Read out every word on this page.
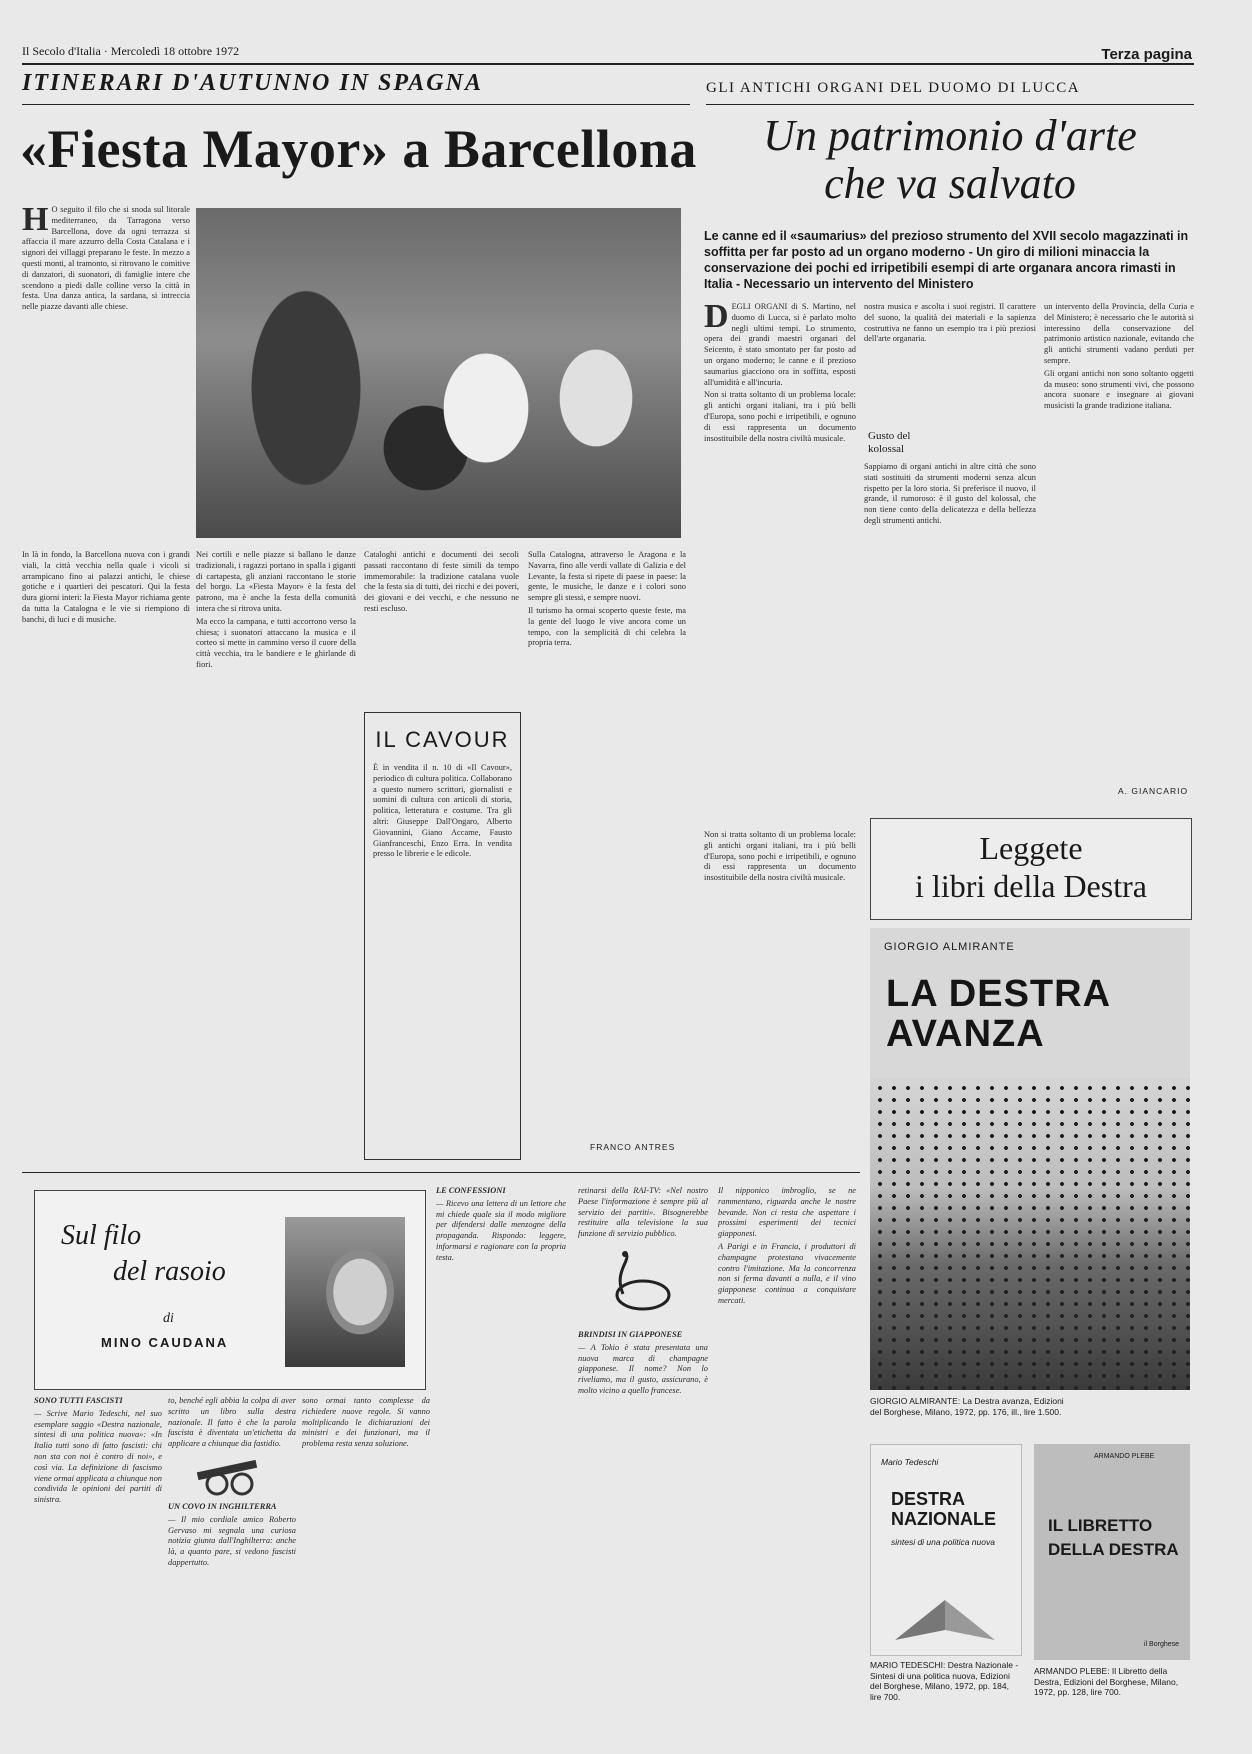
Il Secolo d'Italia · Mercoledì 18 ottobre 1972	Terza pagina
ITINERARI D'AUTUNNO IN SPAGNA
«Fiesta Mayor» a Barcellona
H O seguito il filo che si snoda sul litorale mediterraneo, da Tarragona verso Barcellona, dove da ogni terrazza si affaccia il mare azzurro della Costa Catalana e i signori dei villaggi preparano le feste. In mezzo a questi monti, al tramonto, si ritrovano le comitive di danzatori, di suonatori, di famiglie intere che scendono a piedi dalle colline verso la città in festa. Una danza antica, la sardana, si intreccia nelle piazze davanti alle chiese.

In là in fondo, la Barcellona nuova con i grandi viali, la città vecchia nella quale i vicoli si arrampicano fino ai palazzi antichi, le chiese gotiche e i quartieri dei pescatori. Qui la festa dura giorni interi: la Fiesta Mayor richiama gente da tutta la Catalogna e le vie si riempiono di banchi, di luci e di musiche.

Nei cortili e nelle piazze si ballano le danze tradizionali, i ragazzi portano in spalla i giganti di cartapesta, gli anziani raccontano le storie del borgo. La «Fiesta Mayor» è la festa del patrono, ma è anche la festa della comunità intera che si ritrova unita.

Ma ecco la campana, e tutti accorrono verso la chiesa; i suonatori attaccano la musica e il corteo si mette in cammino verso il cuore della città vecchia, tra le bandiere e le ghirlande di fiori.

Cataloghi antichi e documenti dei secoli passati raccontano di feste simili da tempo immemorabile: la tradizione catalana vuole che la festa sia di tutti, dei ricchi e dei poveri, dei giovani e dei vecchi, e che nessuno ne resti escluso.

IL CAVOUR

È in vendita il n. 10 di «Il Cavour», periodico di cultura politica. Collaborano a questo numero scrittori, giornalisti e uomini di cultura con articoli di storia, politica, letteratura e costume. Tra gli altri: Giuseppe Dall'Ongaro, Alberto Giovannini, Giano Accame, Fausto Gianfranceschi, Enzo Erra. In vendita presso le librerie e le edicole.

Sulla Catalogna, attraverso le Aragona e la Navarra, fino alle verdi vallate di Galizia e del Levante, la festa si ripete di paese in paese: la gente, le musiche, le danze e i colori sono sempre gli stessi, e sempre nuovi.

Il turismo ha ormai scoperto queste feste, ma la gente del luogo le vive ancora come un tempo, con la semplicità di chi celebra la propria terra.

FRANCO ANTRES
GLI ANTICHI ORGANI DEL DUOMO DI LUCCA
Un patrimonio d'arte
che va salvato
Le canne ed il «saumarius» del prezioso strumento del XVII secolo magazzinati in soffitta per far posto ad un organo moderno - Un giro di milioni minaccia la conservazione dei pochi ed irripetibili esempi di arte organara ancora rimasti in Italia - Necessario un intervento del Ministero
D EGLI ORGANI di S. Martino, nel duomo di Lucca, si è parlato molto negli ultimi tempi. Lo strumento, opera dei grandi maestri organari del Seicento, è stato smontato per far posto ad un organo moderno; le canne e il prezioso saumarius giacciono ora in soffitta, esposti all'umidità e all'incuria.

Non si tratta soltanto di un problema locale: gli antichi organi italiani, tra i più belli d'Europa, sono pochi e irripetibili, e ognuno di essi rappresenta un documento insostituibile della nostra civiltà musicale.

nostra musica e ascolta i suoi registri. Il carattere del suono, la qualità dei materiali e la sapienza costruttiva ne fanno un esempio tra i più preziosi dell'arte organaria.

Gusto del kolossal

Sappiamo di organi antichi in altre città che sono stati sostituiti da strumenti moderni senza alcun rispetto per la loro storia. Si preferisce il nuovo, il grande, il rumoroso: è il gusto del kolossal, che non tiene conto della delicatezza e della bellezza degli strumenti antichi.

un intervento della Provincia, della Curia e del Ministero; è necessario che le autorità si interessino della conservazione del patrimonio artistico nazionale, evitando che gli antichi strumenti vadano perduti per sempre.

Gli organi antichi non sono soltanto oggetti da museo: sono strumenti vivi, che possono ancora suonare e insegnare ai giovani musicisti la grande tradizione italiana.

A. GIANCARIO

Non si tratta soltanto di un problema locale: gli antichi organi italiani, tra i più belli d'Europa, sono pochi e irripetibili, e ognuno di essi rappresenta un documento insostituibile della nostra civiltà musicale.

Leggete
i libri della Destra
GIORGIO ALMIRANTE
LA DESTRA
AVANZA
GIORGIO ALMIRANTE: La Destra avanza, Edizioni del Borghese, Milano, 1972, pp. 176, ill., lire 1.500.
Mario Tedeschi
DESTRA
NAZIONALE
sintesi di una politica nuova
MARIO TEDESCHI: Destra Nazionale - Sintesi di una politica nuova, Edizioni del Borghese, Milano, 1972, pp. 184, lire 700.
ARMANDO PLEBE
IL LIBRETTO
DELLA DESTRA
il Borghese
ARMANDO PLEBE: Il Libretto della Destra, Edizioni del Borghese, Milano, 1972, pp. 128, lire 700.
Sul filo
del rasoio
di
MINO CAUDANA

SONO TUTTI FASCISTI

— Scrive Mario Tedeschi, nel suo esemplare saggio «Destra nazionale, sintesi di una politica nuova»: «In Italia tutti sono di fatto fascisti: chi non sta con noi è contro di noi», e così via. La definizione di fascismo viene ormai applicata a chiunque non condivida le opinioni dei partiti di sinistra.

to, benché egli abbia la colpa di aver scritto un libro sulla destra nazionale. Il fatto è che la parola fascista è diventata un'etichetta da applicare a chiunque dia fastidio.

UN COVO IN INGHILTERRA

— Il mio cordiale amico Roberto Gervaso mi segnala una curiosa notizia giunta dall'Inghilterra: anche là, a quanto pare, si vedono fascisti dappertutto.

sono ormai tanto complesse da richiedere nuove regole. Si vanno moltiplicando le dichiarazioni dei ministri e dei funzionari, ma il problema resta senza soluzione.

LE CONFESSIONI

— Ricevo una lettera di un lettore che mi chiede quale sia il modo migliore per difendersi dalle menzogne della propaganda. Rispondo: leggere, informarsi e ragionare con la propria testa.

retinarsi della RAI-TV: «Nel nostro Paese l'informazione è sempre più al servizio dei partiti». Bisognerebbe restituire alla televisione la sua funzione di servizio pubblico.

BRINDISI IN GIAPPONESE

— A Tokio è stata presentata una nuova marca di champagne giapponese. Il nome? Non lo riveliamo, ma il gusto, assicurano, è molto vicino a quello francese.

Il nipponico imbroglio, se ne rammentano, riguarda anche le nostre bevande. Non ci resta che aspettare i prossimi esperimenti dei tecnici giapponesi.

A Parigi e in Francia, i produttori di champagne protestano vivacemente contro l'imitazione. Ma la concorrenza non si ferma davanti a nulla, e il vino giapponese continua a conquistare mercati.
